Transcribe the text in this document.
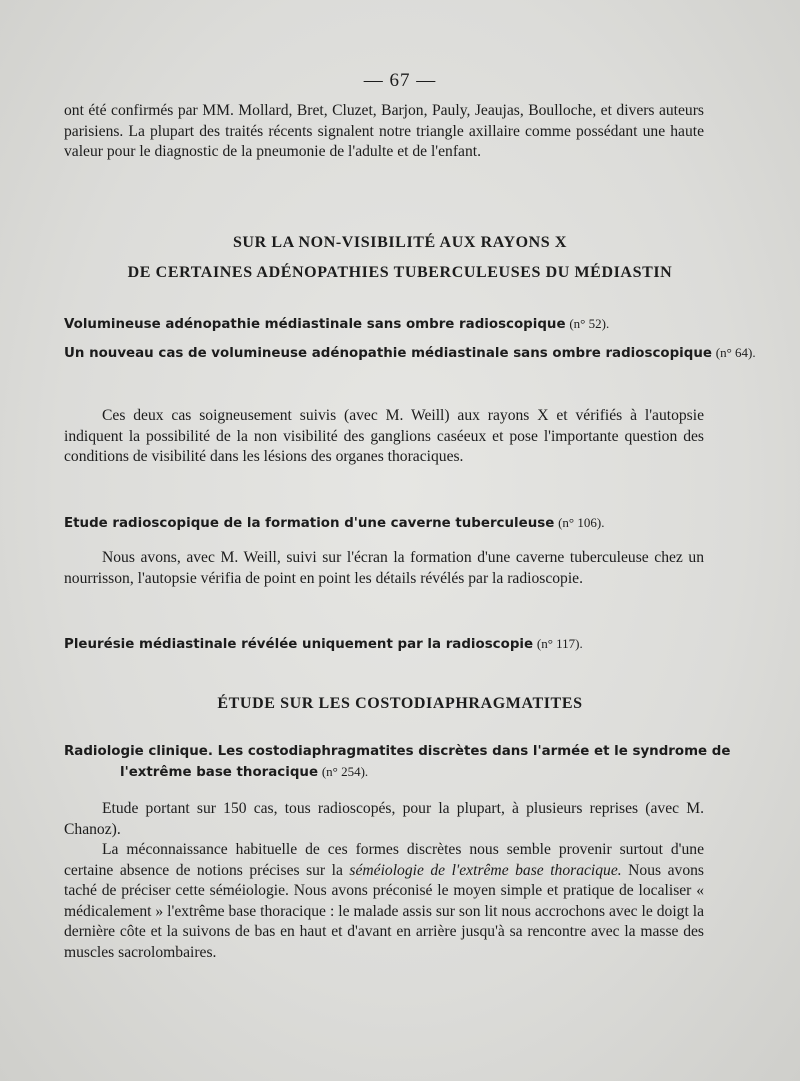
— 67 —
ont été confirmés par MM. Mollard, Bret, Cluzet, Barjon, Pauly, Jeaujas, Boulloche, et divers auteurs parisiens. La plupart des traités récents signalent notre triangle axillaire comme possédant une haute valeur pour le diagnostic de la pneumonie de l'adulte et de l'enfant.
SUR LA NON-VISIBILITÉ AUX RAYONS X
DE CERTAINES ADÉNOPATHIES TUBERCULEUSES DU MÉDIASTIN
Volumineuse adénopathie médiastinale sans ombre radioscopique (n° 52).
Un nouveau cas de volumineuse adénopathie médiastinale sans ombre radioscopique (n° 64).
Ces deux cas soigneusement suivis (avec M. Weill) aux rayons X et vérifiés à l'autopsie indiquent la possibilité de la non visibilité des ganglions caséeux et pose l'importante question des conditions de visibilité dans les lésions des organes thoraciques.
Etude radioscopique de la formation d'une caverne tuberculeuse (n° 106).
Nous avons, avec M. Weill, suivi sur l'écran la formation d'une caverne tuberculeuse chez un nourrisson, l'autopsie vérifia de point en point les détails révélés par la radioscopie.
Pleurésie médiastinale révélée uniquement par la radioscopie (n° 117).
ÉTUDE SUR LES COSTODIAPHRAGMATITES
Radiologie clinique. Les costodiaphragmatites discrètes dans l'armée et le syndrome de l'extrême base thoracique (n° 254).
Etude portant sur 150 cas, tous radioscopés, pour la plupart, à plusieurs reprises (avec M. Chanoz).
La méconnaissance habituelle de ces formes discrètes nous semble provenir surtout d'une certaine absence de notions précises sur la séméiologie de l'extrême base thoracique. Nous avons taché de préciser cette séméiologie. Nous avons préconisé le moyen simple et pratique de localiser « médicalement » l'extrême base thoracique : le malade assis sur son lit nous accrochons avec le doigt la dernière côte et la suivons de bas en haut et d'avant en arrière jusqu'à sa rencontre avec la masse des muscles sacrolombaires.
